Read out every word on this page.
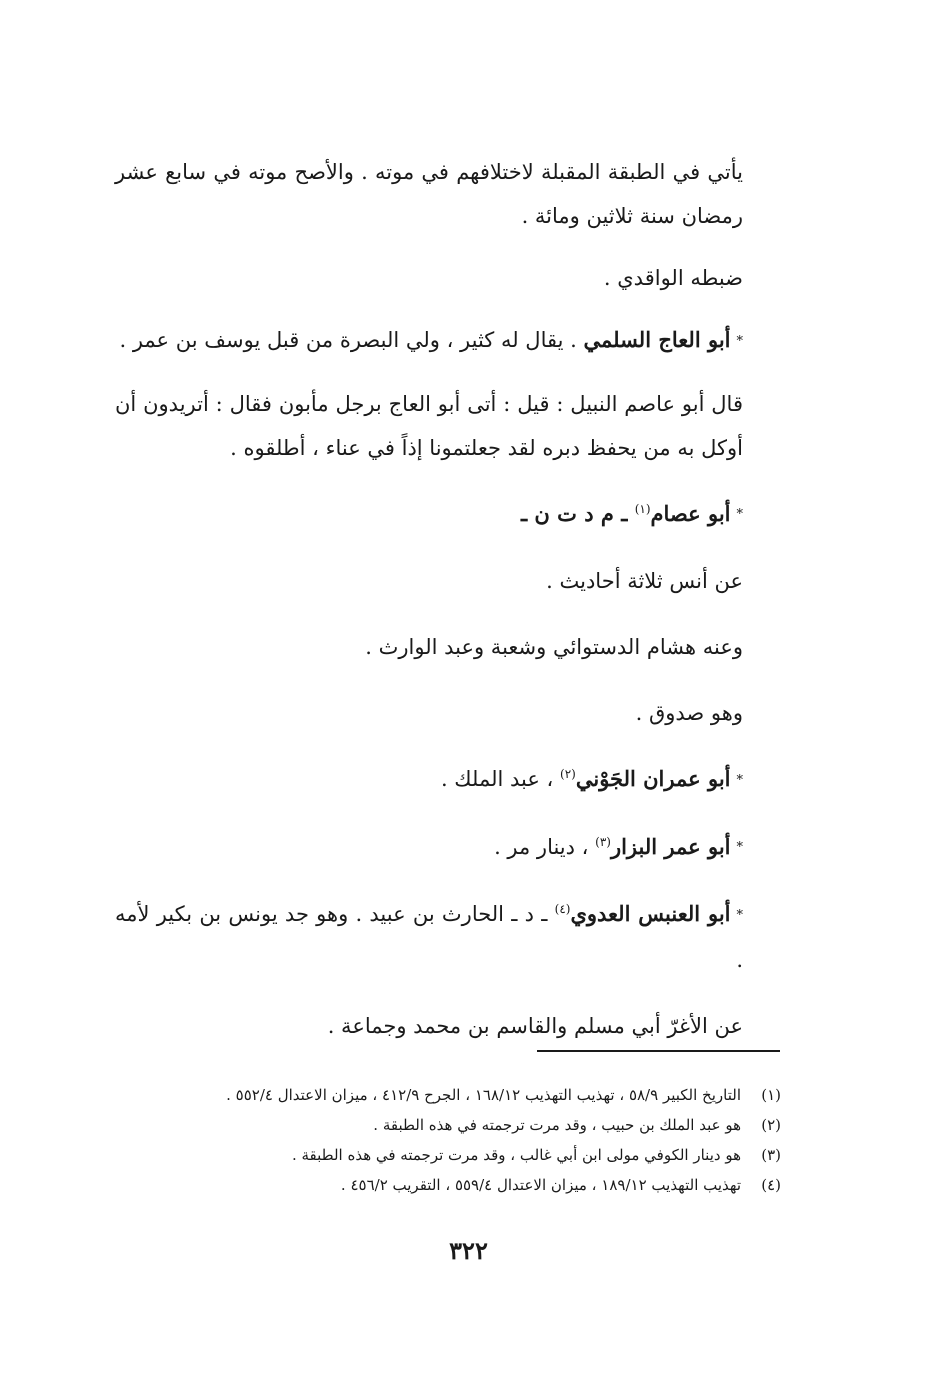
يأتي في الطبقة المقبلة لاختلافهم في موته . والأصح موته في سابع عشر رمضان سنة ثلاثين ومائة .

ضبطه الواقدي .

*أبو العاج السلمي . يقال له كثير ، ولي البصرة من قبل يوسف بن عمر .

قال أبو عاصم النبيل : قيل : أتى أبو العاج برجل مأبون فقال : أتريدون أن أوكل به من يحفظ دبره لقد جعلتمونا إذاً في عناء ، أطلقوه .

*أبو عصام$^{(١)}$ ـ م د ت ن ـ

عن أنس ثلاثة أحاديث .

وعنه هشام الدستوائي وشعبة وعبد الوارث .

وهو صدوق .

*أبو عمران الجَوْني$^{(٢)}$ ، عبد الملك .

*أبو عمر البزار$^{(٣)}$ ، دينار مر .

*أبو العنبس العدوي$^{(٤)}$ ـ د ـ الحارث بن عبيد . وهو جد يونس بن بكير لأمه .

عن الأغرّ أبي مسلم والقاسم بن محمد وجماعة .

(١)التاريخ الكبير ٥٨/٩ ، تهذيب التهذيب ١٦٨/١٢ ، الجرح ٤١٢/٩ ، ميزان الاعتدال ٥٥٢/٤ .

(٢)هو عبد الملك بن حبيب ، وقد مرت ترجمته في هذه الطبقة .

(٣)هو دينار الكوفي مولى ابن أبي غالب ، وقد مرت ترجمته في هذه الطبقة .

(٤)تهذيب التهذيب ١٨٩/١٢ ، ميزان الاعتدال ٥٥٩/٤ ، التقريب ٤٥٦/٢ .

٣٢٢
